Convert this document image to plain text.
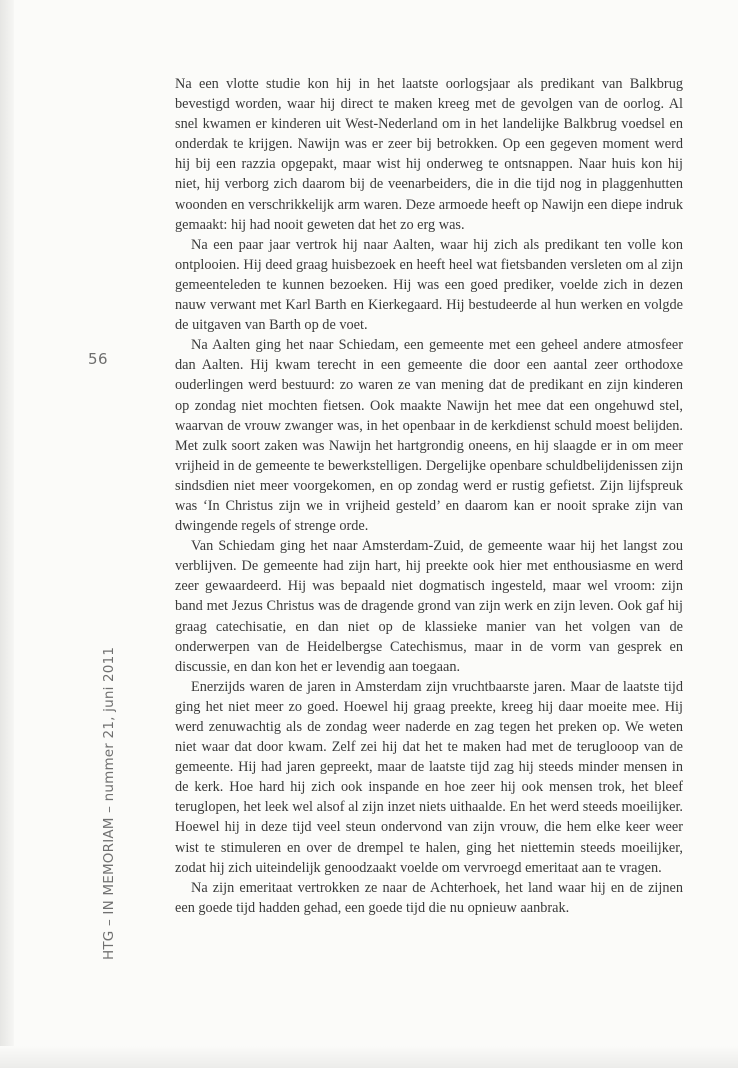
56
HTG – IN MEMORIAM – nummer 21, juni 2011

Na een vlotte studie kon hij in het laatste oorlogsjaar als predikant van Balkbrug bevestigd worden, waar hij direct te maken kreeg met de gevolgen van de oorlog. Al snel kwamen er kinderen uit West-Nederland om in het landelijke Balkbrug voedsel en onderdak te krijgen. Nawijn was er zeer bij betrokken. Op een gegeven moment werd hij bij een razzia opgepakt, maar wist hij onderweg te ontsnappen. Naar huis kon hij niet, hij verborg zich daarom bij de veenarbeiders, die in die tijd nog in plaggenhutten woonden en verschrikkelijk arm waren. Deze armoede heeft op Nawijn een diepe indruk gemaakt: hij had nooit geweten dat het zo erg was.

Na een paar jaar vertrok hij naar Aalten, waar hij zich als predikant ten volle kon ontplooien. Hij deed graag huisbezoek en heeft heel wat fietsbanden versleten om al zijn gemeenteleden te kunnen bezoeken. Hij was een goed prediker, voelde zich in dezen nauw verwant met Karl Barth en Kierkegaard. Hij bestudeerde al hun werken en volgde de uitgaven van Barth op de voet.

Na Aalten ging het naar Schiedam, een gemeente met een geheel andere atmosfeer dan Aalten. Hij kwam terecht in een gemeente die door een aantal zeer orthodoxe ouderlingen werd bestuurd: zo waren ze van mening dat de predikant en zijn kinderen op zondag niet mochten fietsen. Ook maakte Nawijn het mee dat een ongehuwd stel, waarvan de vrouw zwanger was, in het openbaar in de kerkdienst schuld moest belijden. Met zulk soort zaken was Nawijn het hartgrondig oneens, en hij slaagde er in om meer vrijheid in de gemeente te bewerkstelligen. Dergelijke openbare schuldbelijdenissen zijn sindsdien niet meer voorgekomen, en op zondag werd er rustig gefietst. Zijn lijfspreuk was ‘In Christus zijn we in vrijheid gesteld’ en daarom kan er nooit sprake zijn van dwingende regels of strenge orde.

Van Schiedam ging het naar Amsterdam-Zuid, de gemeente waar hij het langst zou verblijven. De gemeente had zijn hart, hij preekte ook hier met enthousiasme en werd zeer gewaardeerd. Hij was bepaald niet dogmatisch ingesteld, maar wel vroom: zijn band met Jezus Christus was de dragende grond van zijn werk en zijn leven. Ook gaf hij graag catechisatie, en dan niet op de klassieke manier van het volgen van de onderwerpen van de Heidelbergse Catechismus, maar in de vorm van gesprek en discussie, en dan kon het er levendig aan toegaan.

Enerzijds waren de jaren in Amsterdam zijn vruchtbaarste jaren. Maar de laatste tijd ging het niet meer zo goed. Hoewel hij graag preekte, kreeg hij daar moeite mee. Hij werd zenuwachtig als de zondag weer naderde en zag tegen het preken op. We weten niet waar dat door kwam. Zelf zei hij dat het te maken had met de teruglooop van de gemeente. Hij had jaren gepreekt, maar de laatste tijd zag hij steeds minder mensen in de kerk. Hoe hard hij zich ook inspande en hoe zeer hij ook mensen trok, het bleef teruglopen, het leek wel alsof al zijn inzet niets uithaalde. En het werd steeds moeilijker. Hoewel hij in deze tijd veel steun ondervond van zijn vrouw, die hem elke keer weer wist te stimuleren en over de drempel te halen, ging het niettemin steeds moeilijker, zodat hij zich uiteindelijk genoodzaakt voelde om vervroegd emeritaat aan te vragen.

Na zijn emeritaat vertrokken ze naar de Achterhoek, het land waar hij en de zijnen een goede tijd hadden gehad, een goede tijd die nu opnieuw aanbrak.
